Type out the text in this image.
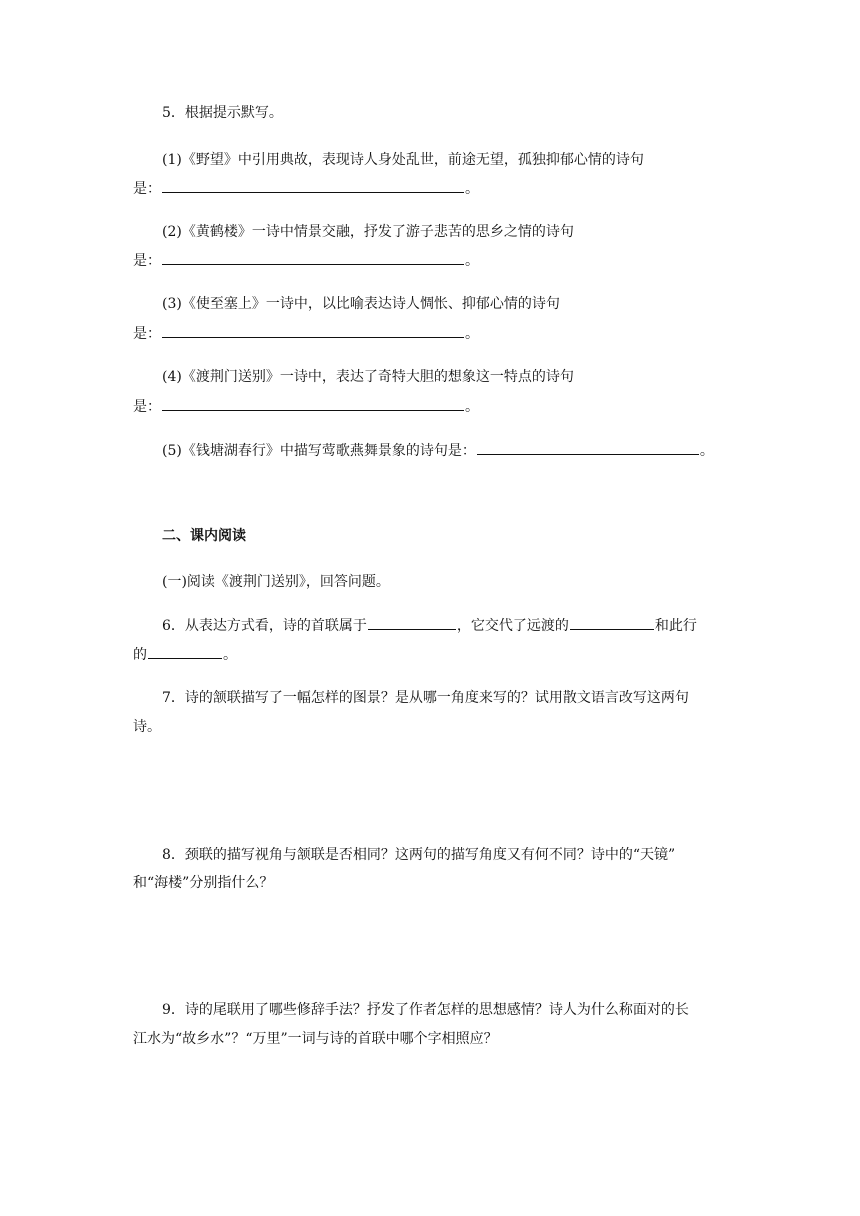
5．根据提示默写。
(1)《野望》中引用典故，表现诗人身处乱世，前途无望，孤独抑郁心情的诗句
是：	。
(2)《黄鹤楼》一诗中情景交融，抒发了游子悲苦的思乡之情的诗句
是：	。
(3)《使至塞上》一诗中，以比喻表达诗人惆怅、抑郁心情的诗句
是：	。
(4)《渡荆门送别》一诗中，表达了奇特大胆的想象这一特点的诗句
是：	。
(5)《钱塘湖春行》中描写莺歌燕舞景象的诗句是：	。
二、课内阅读
(一)阅读《渡荆门送别》，回答问题。
6．从表达方式看，诗的首联属于	，它交代了远渡的	和此行
的	。
7．诗的颔联描写了一幅怎样的图景？是从哪一角度来写的？试用散文语言改写这两句
诗。
8．颈联的描写视角与颔联是否相同？这两句的描写角度又有何不同？诗中的“天镜”
和“海楼”分别指什么？
9．诗的尾联用了哪些修辞手法？抒发了作者怎样的思想感情？诗人为什么称面对的长
江水为“故乡水”？“万里”一词与诗的首联中哪个字相照应？
